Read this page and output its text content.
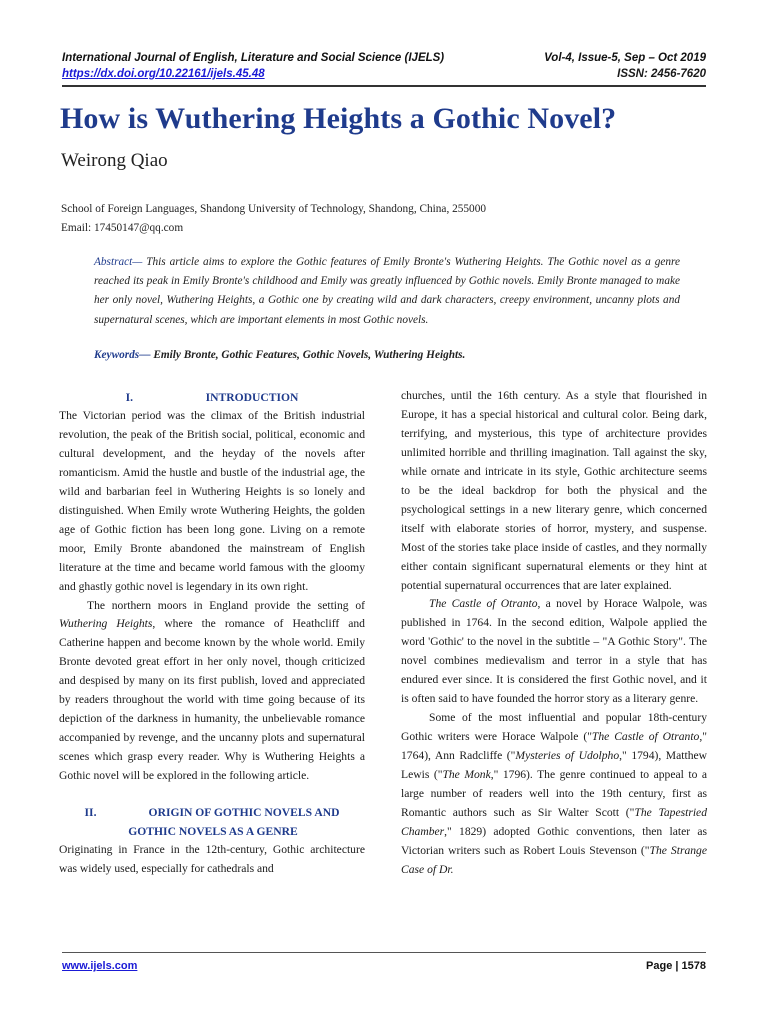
International Journal of English, Literature and Social Science (IJELS)	Vol-4, Issue-5, Sep – Oct 2019
https://dx.doi.org/10.22161/ijels.45.48	ISSN: 2456-7620
How is Wuthering Heights a Gothic Novel?
Weirong Qiao
School of Foreign Languages, Shandong University of Technology, Shandong, China, 255000
Email: 17450147@qq.com
Abstract— This article aims to explore the Gothic features of Emily Bronte's Wuthering Heights. The Gothic novel as a genre reached its peak in Emily Bronte's childhood and Emily was greatly influenced by Gothic novels. Emily Bronte managed to make her only novel, Wuthering Heights, a Gothic one by creating wild and dark characters, creepy environment, uncanny plots and supernatural scenes, which are important elements in most Gothic novels.
Keywords— Emily Bronte, Gothic Features, Gothic Novels, Wuthering Heights.
I.	INTRODUCTION

The Victorian period was the climax of the British industrial revolution, the peak of the British social, political, economic and cultural development, and the heyday of the novels after romanticism. Amid the hustle and bustle of the industrial age, the wild and barbarian feel in Wuthering Heights is so lonely and distinguished. When Emily wrote Wuthering Heights, the golden age of Gothic fiction has been long gone. Living on a remote moor, Emily Bronte abandoned the mainstream of English literature at the time and became world famous with the gloomy and ghastly gothic novel is legendary in its own right.

The northern moors in England provide the setting of Wuthering Heights, where the romance of Heathcliff and Catherine happen and become known by the whole world. Emily Bronte devoted great effort in her only novel, though criticized and despised by many on its first publish, loved and appreciated by readers throughout the world with time going because of its depiction of the darkness in humanity, the unbelievable romance accompanied by revenge, and the uncanny plots and supernatural scenes which grasp every reader. Why is Wuthering Heights a Gothic novel will be explored in the following article.

II.	ORIGIN OF GOTHIC NOVELS AND
GOTHIC NOVELS AS A GENRE

Originating in France in the 12th-century, Gothic architecture was widely used, especially for cathedrals and

churches, until the 16th century. As a style that flourished in Europe, it has a special historical and cultural color. Being dark, terrifying, and mysterious, this type of architecture provides unlimited horrible and thrilling imagination. Tall against the sky, while ornate and intricate in its style, Gothic architecture seems to be the ideal backdrop for both the physical and the psychological settings in a new literary genre, which concerned itself with elaborate stories of horror, mystery, and suspense. Most of the stories take place inside of castles, and they normally either contain significant supernatural elements or they hint at potential supernatural occurrences that are later explained.

The Castle of Otranto, a novel by Horace Walpole, was published in 1764. In the second edition, Walpole applied the word 'Gothic' to the novel in the subtitle – "A Gothic Story". The novel combines medievalism and terror in a style that has endured ever since. It is considered the first Gothic novel, and it is often said to have founded the horror story as a literary genre.

Some of the most influential and popular 18th-century Gothic writers were Horace Walpole ("The Castle of Otranto," 1764), Ann Radcliffe ("Mysteries of Udolpho," 1794), Matthew Lewis ("The Monk," 1796). The genre continued to appeal to a large number of readers well into the 19th century, first as Romantic authors such as Sir Walter Scott ("The Tapestried Chamber," 1829) adopted Gothic conventions, then later as Victorian writers such as Robert Louis Stevenson ("The Strange Case of Dr.

www.ijels.com	Page | 1578
